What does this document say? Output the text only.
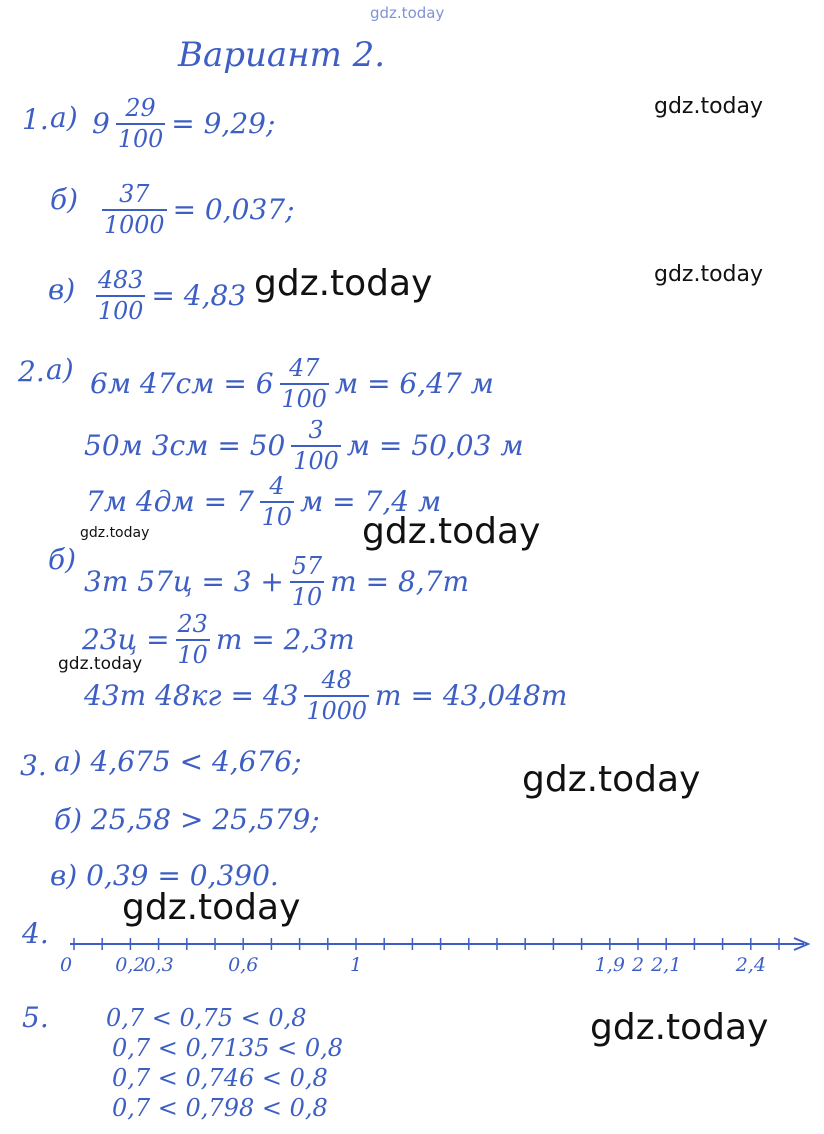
gdz.today
Вариант 2.
1. а) $9 \frac{29}{100} = 9,29$;
$б) \frac{37}{1000} = 0,037$;
$в) \frac{483}{100} = 4,83$
2. а) 6м $47см = 6 \frac{47}{100}$ м = 6,47 м
50м $3см = 50 \frac{3}{100}$ м = 50,03 м
7м $4дм = 7 \frac{4}{10}$ м = 7,4 м
б)
3т $57ц = 3 + \frac{57}{10}$ т = 8,7т
$23ц = \frac{23}{10}$ т = 2,3т
43т $48кг = 43 \frac{48}{1000}$ т = 43,048т
3. а) 4,675 < 4,676;
б) 25,58 > 25,579;
в) 0,39 = 0,390.
4.
0 0,2
0,3	0,6	1	1,9 2 2,1	2,4
5. 0,7 < 0,75 < 0,8
0,7 < 0,7135 < 0,8
0,7 < 0,746 < 0,8
0,7 < 0,798 < 0,8
gdz.today
gdz.today
gdz.today
gdz.today
gdz.today
gdz.today
gdz.today
gdz.today
gdz.today
